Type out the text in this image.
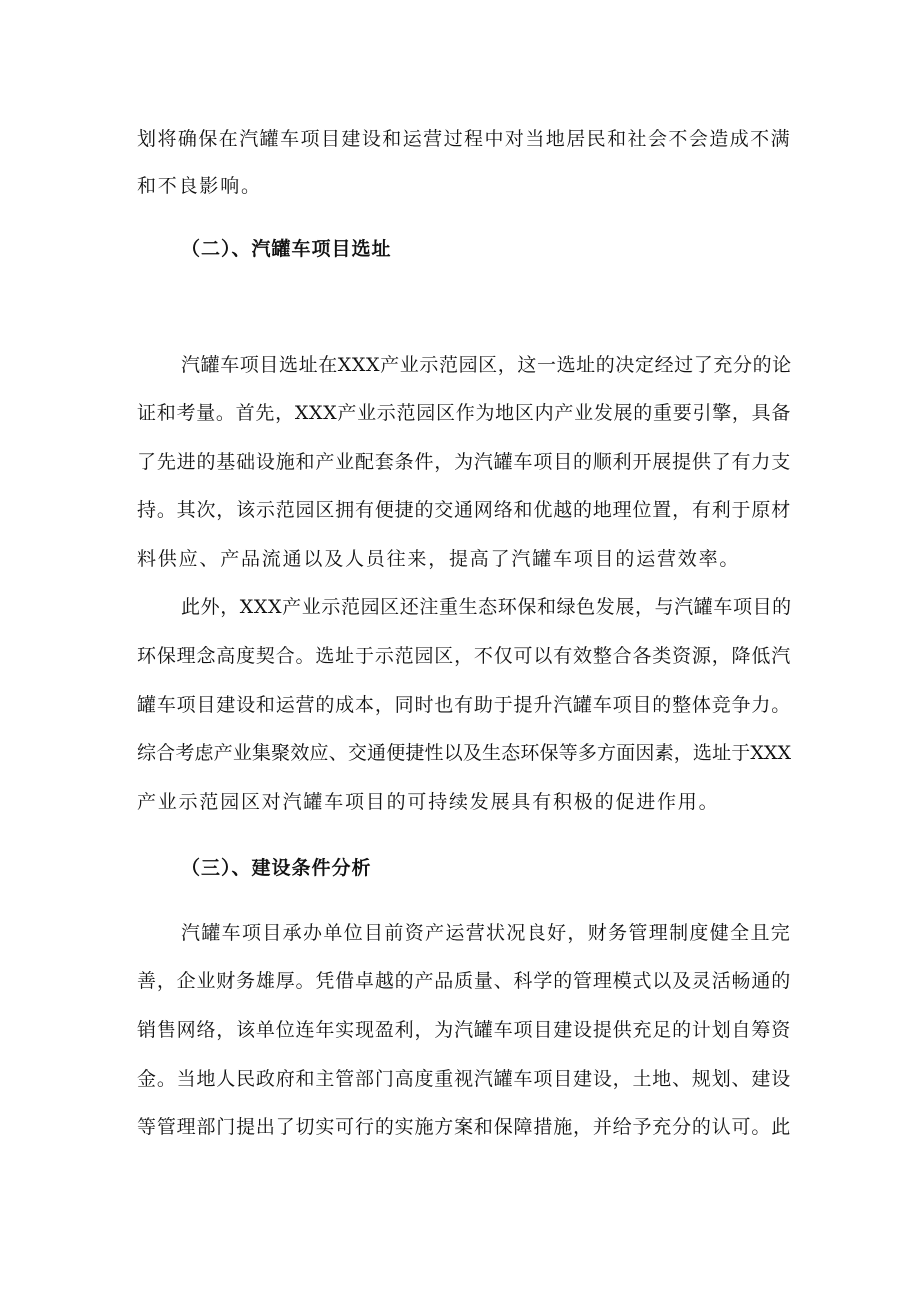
划将确保在汽罐车项目建设和运营过程中对当地居民和社会不会造成不满
和不良影响。
（二）、汽罐车项目选址
汽罐车项目选址在XXX产业示范园区，这一选址的决定经过了充分的论
证和考量。首先，XXX产业示范园区作为地区内产业发展的重要引擎，具备
了先进的基础设施和产业配套条件，为汽罐车项目的顺利开展提供了有力支
持。其次，该示范园区拥有便捷的交通网络和优越的地理位置，有利于原材
料供应、产品流通以及人员往来，提高了汽罐车项目的运营效率。
此外，XXX产业示范园区还注重生态环保和绿色发展，与汽罐车项目的
环保理念高度契合。选址于示范园区，不仅可以有效整合各类资源，降低汽
罐车项目建设和运营的成本，同时也有助于提升汽罐车项目的整体竞争力。
综合考虑产业集聚效应、交通便捷性以及生态环保等多方面因素，选址于XXX
产业示范园区对汽罐车项目的可持续发展具有积极的促进作用。
（三）、建设条件分析
汽罐车项目承办单位目前资产运营状况良好，财务管理制度健全且完
善，企业财务雄厚。凭借卓越的产品质量、科学的管理模式以及灵活畅通的
销售网络，该单位连年实现盈利，为汽罐车项目建设提供充足的计划自筹资
金。当地人民政府和主管部门高度重视汽罐车项目建设，土地、规划、建设
等管理部门提出了切实可行的实施方案和保障措施，并给予充分的认可。此
